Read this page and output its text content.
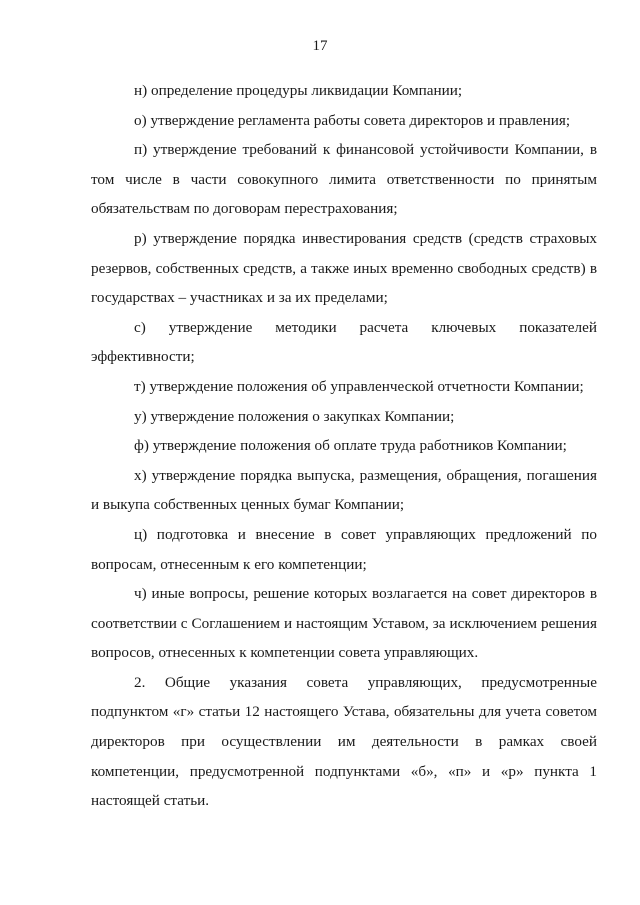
17

н) определение процедуры ликвидации Компании;

о) утверждение регламента работы совета директоров и правления;

п) утверждение требований к финансовой устойчивости Компании, в том числе в части совокупного лимита ответственности по принятым обязательствам по договорам перестрахования;

р) утверждение порядка инвестирования средств (средств страховых резервов, собственных средств, а также иных временно свободных средств) в государствах – участниках и за их пределами;

с) утверждение методики расчета ключевых показателей эффективности;

т) утверждение положения об управленческой отчетности Компании;

у) утверждение положения о закупках Компании;

ф) утверждение положения об оплате труда работников Компании;

х) утверждение порядка выпуска, размещения, обращения, погашения и выкупа собственных ценных бумаг Компании;

ц) подготовка и внесение в совет управляющих предложений по вопросам, отнесенным к его компетенции;

ч) иные вопросы, решение которых возлагается на совет директоров в соответствии с Соглашением и настоящим Уставом, за исключением решения вопросов, отнесенных к компетенции совета управляющих.

2. Общие указания совета управляющих, предусмотренные подпунктом «г» статьи 12 настоящего Устава, обязательны для учета советом директоров при осуществлении им деятельности в рамках своей компетенции, предусмотренной подпунктами «б», «п» и «р» пункта 1 настоящей статьи.
